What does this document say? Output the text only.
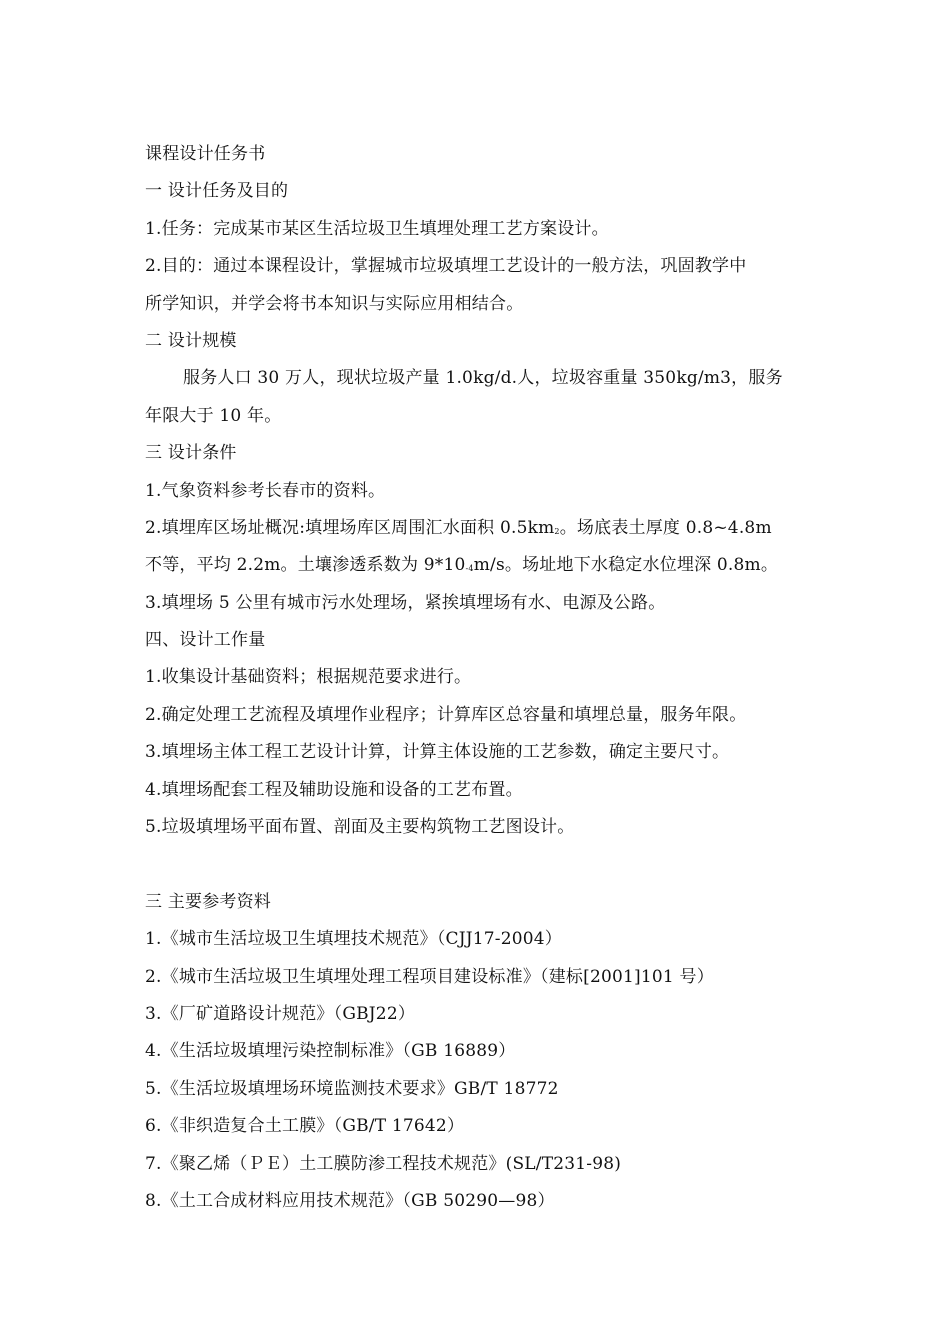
课程设计任务书
一 设计任务及目的
1.任务：完成某市某区生活垃圾卫生填埋处理工艺方案设计。
2.目的：通过本课程设计，掌握城市垃圾填埋工艺设计的一般方法，巩固教学中
所学知识，并学会将书本知识与实际应用相结合。
二 设计规模
服务人口 30 万人，现状垃圾产量 1.0kg/d.人，垃圾容重量 350kg/m3，服务
年限大于 10 年。
三 设计条件
1.气象资料参考长春市的资料。
2.填埋库区场址概况:填埋场库区周围汇水面积 0.5km2。场底表土厚度 0.8~4.8m
不等，平均 2.2m。土壤渗透系数为 9*10-4m/s。场址地下水稳定水位埋深 0.8m。
3.填埋场 5 公里有城市污水处理场，紧挨填埋场有水、电源及公路。
四、设计工作量
1.收集设计基础资料；根据规范要求进行。
2.确定处理工艺流程及填埋作业程序；计算库区总容量和填埋总量，服务年限。
3.填埋场主体工程工艺设计计算，计算主体设施的工艺参数，确定主要尺寸。
4.填埋场配套工程及辅助设施和设备的工艺布置。
5.垃圾填埋场平面布置、剖面及主要构筑物工艺图设计。
三 主要参考资料
1.《城市生活垃圾卫生填埋技术规范》（CJJ17-2004）
2.《城市生活垃圾卫生填埋处理工程项目建设标准》（建标[2001]101 号）
3.《厂矿道路设计规范》（GBJ22）
4.《生活垃圾填埋污染控制标准》（GB 16889）
5.《生活垃圾填埋场环境监测技术要求》GB/T 18772
6.《非织造复合土工膜》（GB/T 17642）
7.《聚乙烯（ＰＥ）土工膜防渗工程技术规范》(SL/T231-98)
8.《土工合成材料应用技术规范》（GB 50290—98）
